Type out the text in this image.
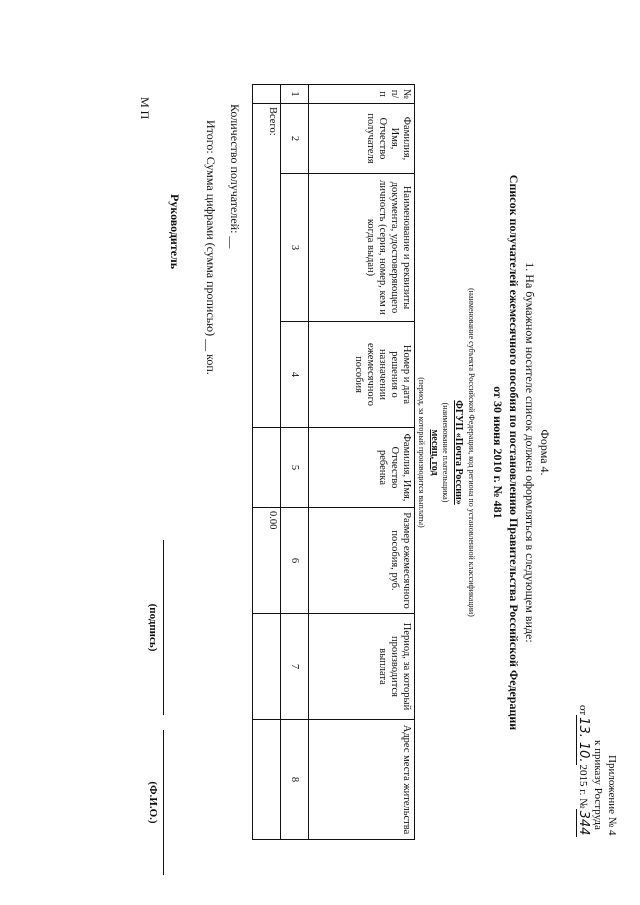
Приложение № 4
к приказу Роструда
от13.10.2015 г. №344
Форма 4.
1. На бумажном носителе список должен оформляться в следующем виде:
Список получателей ежемесячного пособия по постановлению Правительства Российской Федерации
от 30 июня 2010 г. № 481
(наименование субъекта Российской Федерации, код региона по установленной классификации)
ФГУП «Почта России»
(наименование плательщика)
месяц, год
(период, за который производится выплаты)
№ п/п	Фамилия, Имя, Отчество получателя	Наименование и реквизиты документа, удостоверяющего личность (серия, номер, кем и когда выдан)	Номер и дата решения о назначении ежемесячного пособия	Фамилия, Имя, Отчество ребенка	Размер ежемесячного пособия, руб.	Период, за который производится выплата	Адрес места жительства
1	2	3	4	5	6	7	8
	Всего:				0.00		
Количество получателей: __
Итого: Сумма цифрами (сумма прописью) __ коп.
Руководитель
(подпись)
(Ф.И.О.)
М П
